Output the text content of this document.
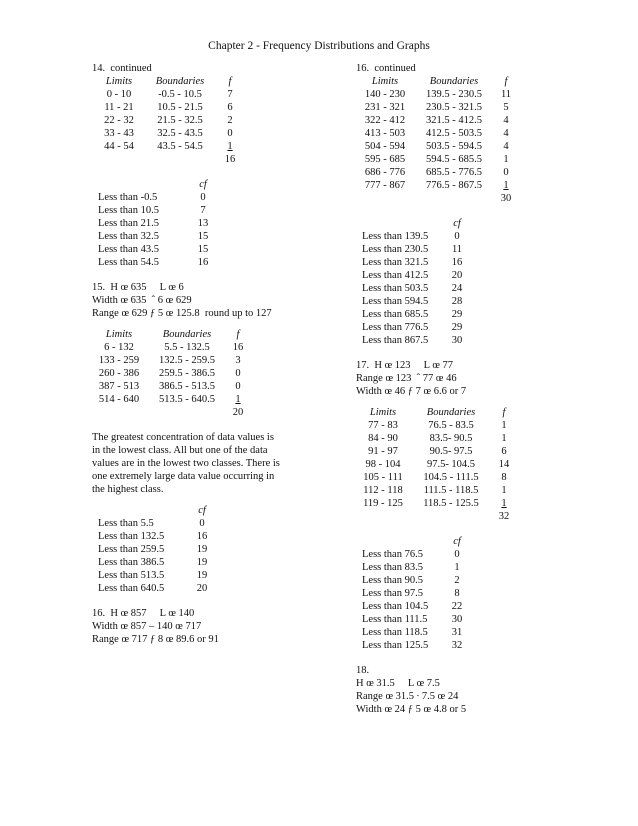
Chapter 2 - Frequency Distributions and Graphs
14.  continued
Limits	Boundaries	f
0 - 10	-0.5 - 10.5	7
11 - 21	10.5 - 21.5	6
22 - 32	21.5 - 32.5	2
33 - 43	32.5 - 43.5	0
44 - 54	43.5 - 54.5	1
		16
	cf
Less than -0.5	0
Less than 10.5	7
Less than 21.5	13
Less than 32.5	15
Less than 43.5	15
Less than 54.5	16
15.  H œ 635     L œ 6
Width œ 635  ˆ 6 œ 629
Range œ 629 ƒ 5 œ 125.8  round up to 127
Limits	Boundaries	f
6 - 132	5.5 - 132.5	16
133 - 259	132.5 - 259.5	3
260 - 386	259.5 - 386.5	0
387 - 513	386.5 - 513.5	0
514 - 640	513.5 - 640.5	1
		20
The greatest concentration of data values is in the lowest class. All but one of the data values are in the lowest two classes. There is one extremely large data value occurring in the highest class.
	cf
Less than 5.5	0
Less than 132.5	16
Less than 259.5	19
Less than 386.5	19
Less than 513.5	19
Less than 640.5	20
16.  H œ 857     L œ 140
Width œ 857 – 140 œ 717
Range œ 717 ƒ 8 œ 89.6 or 91
16.  continued
Limits	Boundaries	f
140 - 230	139.5 - 230.5	11
231 - 321	230.5 - 321.5	5
322 - 412	321.5 - 412.5	4
413 - 503	412.5 - 503.5	4
504 - 594	503.5 - 594.5	4
595 - 685	594.5 - 685.5	1
686 - 776	685.5 - 776.5	0
777 - 867	776.5 - 867.5	1
		30
	cf
Less than 139.5	0
Less than 230.5	11
Less than 321.5	16
Less than 412.5	20
Less than 503.5	24
Less than 594.5	28
Less than 685.5	29
Less than 776.5	29
Less than 867.5	30
17.  H œ 123     L œ 77
Range œ 123  ˆ 77 œ 46
Width œ 46 ƒ 7 œ 6.6 or 7
Limits	Boundaries	f
77 - 83	76.5 - 83.5	1
84 - 90	83.5- 90.5	1
91 - 97	90.5- 97.5	6
98 - 104	97.5- 104.5	14
105 - 111	104.5 - 111.5	8
112 - 118	111.5 - 118.5	1
119 - 125	118.5 - 125.5	1
		32
	cf
Less than 76.5	0
Less than 83.5	1
Less than 90.5	2
Less than 97.5	8
Less than 104.5	22
Less than 111.5	30
Less than 118.5	31
Less than 125.5	32
18.
H œ 31.5     L œ 7.5
Range œ 31.5 ∙ 7.5 œ 24
Width œ 24 ƒ 5 œ 4.8 or 5
